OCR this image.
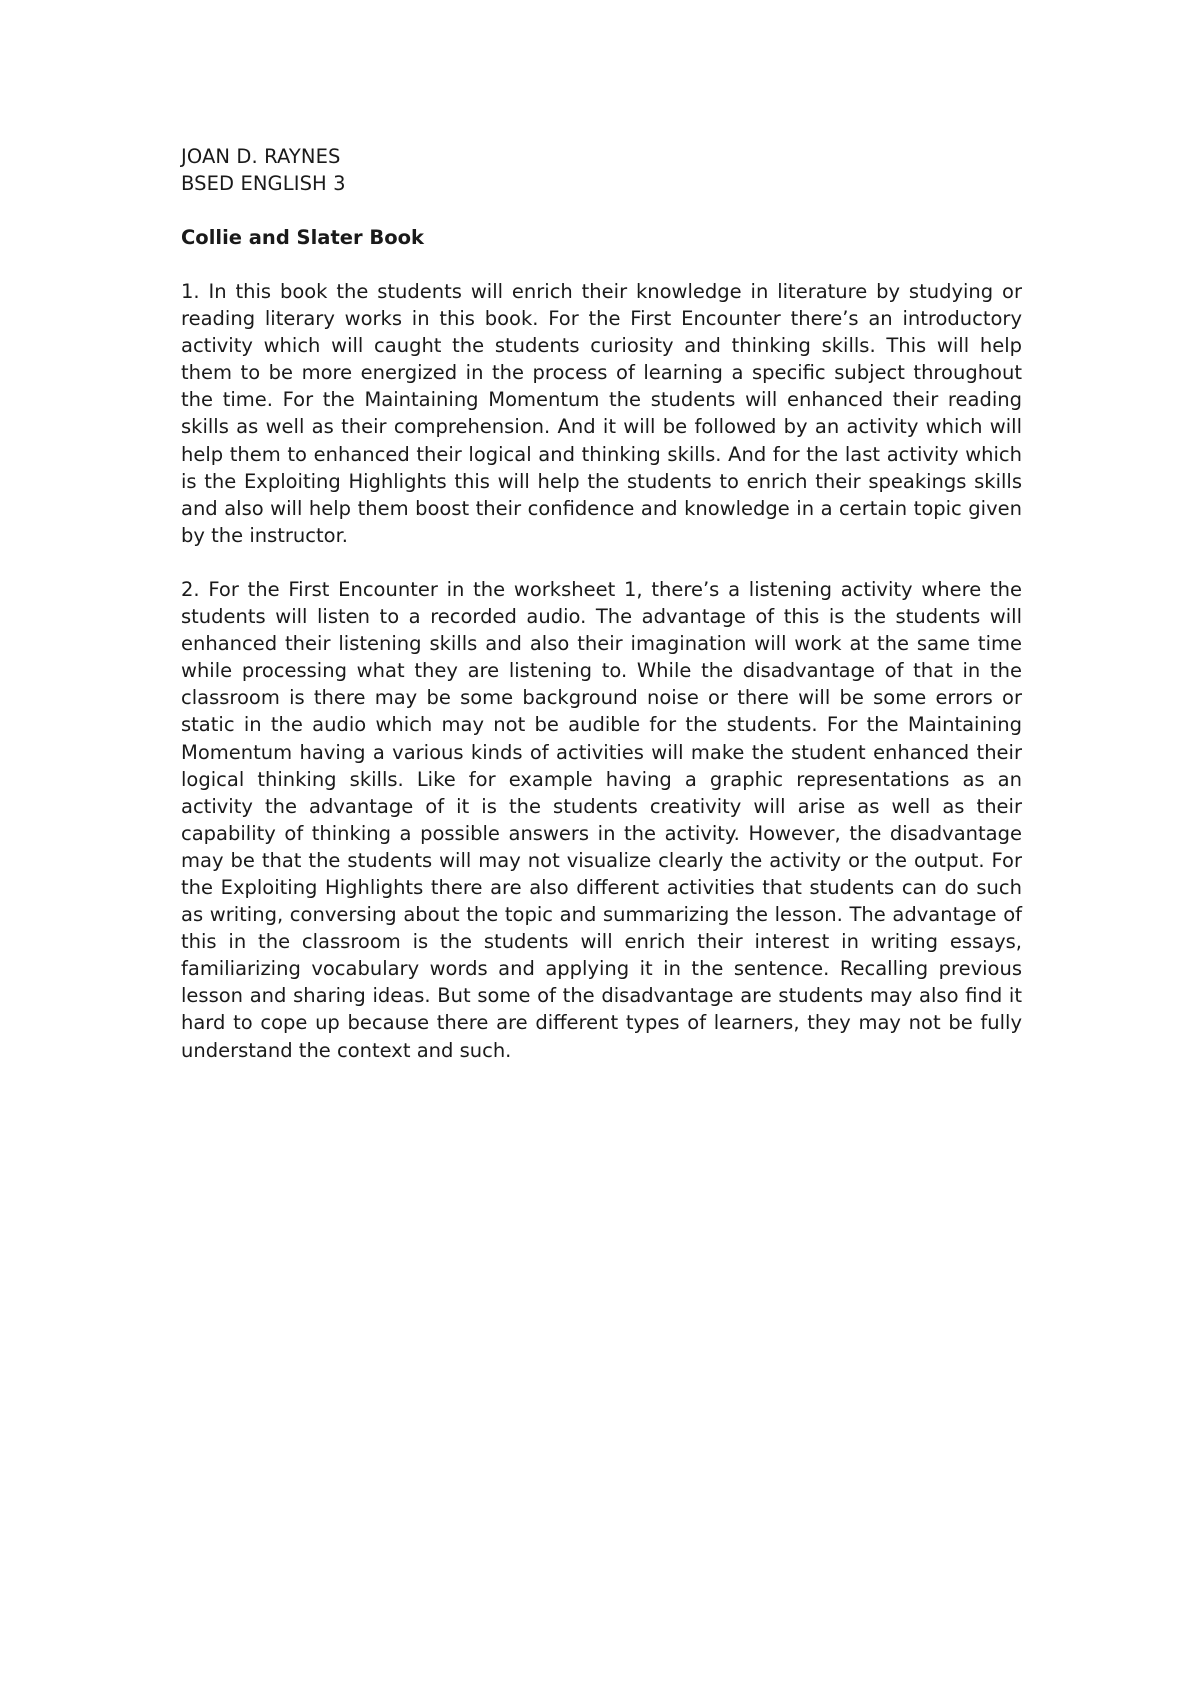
JOAN D. RAYNES

BSED ENGLISH 3

Collie and Slater Book

1. In this book the students will enrich their knowledge in literature by studying or reading literary works in this book. For the First Encounter there’s an introductory activity which will caught the students curiosity and thinking skills. This will help them to be more energized in the process of learning a specific subject throughout the time. For the Maintaining Momentum the students will enhanced their reading skills as well as their comprehension. And it will be followed by an activity which will help them to enhanced their logical and thinking skills. And for the last activity which is the Exploiting Highlights this will help the students to enrich their speakings skills and also will help them boost their confidence and knowledge in a certain topic given by the instructor.

2. For the First Encounter in the worksheet 1, there’s a listening activity where the students will listen to a recorded audio. The advantage of this is the students will enhanced their listening skills and also their imagination will work at the same time while processing what they are listening to. While the disadvantage of that in the classroom is there may be some background noise or there will be some errors or static in the audio which may not be audible for the students. For the Maintaining Momentum having a various kinds of activities will make the student enhanced their logical thinking skills. Like for example having a graphic representations as an activity the advantage of it is the students creativity will arise as well as their capability of thinking a possible answers in the activity. However, the disadvantage may be that the students will may not visualize clearly the activity or the output. For the Exploiting Highlights there are also different activities that students can do such as writing, conversing about the topic and summarizing the lesson. The advantage of this in the classroom is the students will enrich their interest in writing essays, familiarizing vocabulary words and applying it in the sentence. Recalling previous lesson and sharing ideas. But some of the disadvantage are students may also find it hard to cope up because there are different types of learners, they may not be fully understand the context and such.
